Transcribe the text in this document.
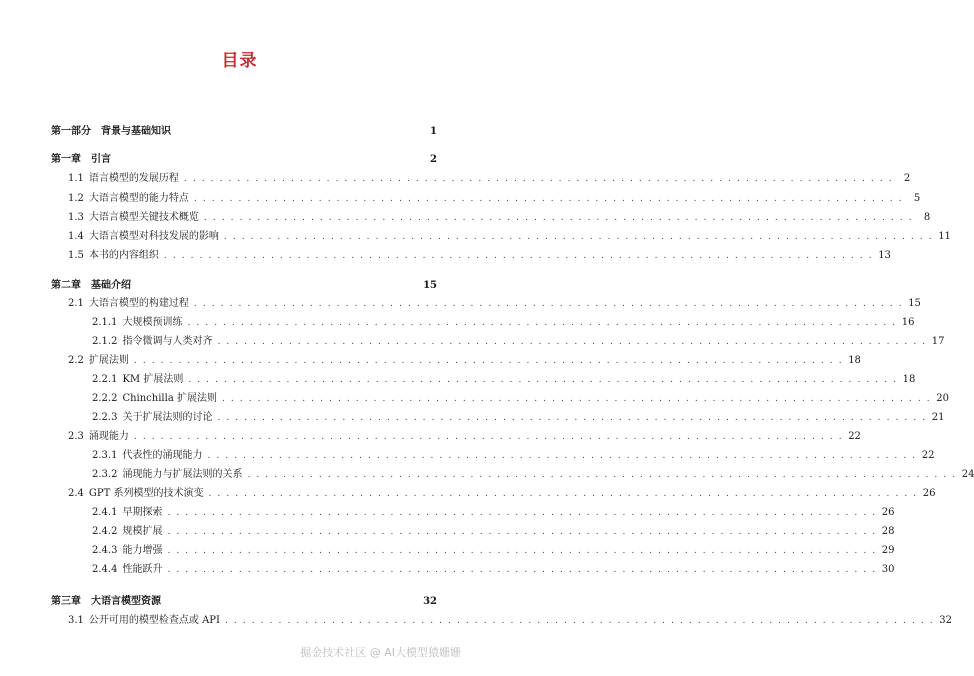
目录
第一部分 背景与基础知识	1
第一章 引言	2
1.1 语言模型的发展历程 . . . . . . . . . . . . . . . . . . . . . . . . . . . . . . . . . . . . . . . . . . . . . . . . . . . . . . . . . . . . . . . . . . . . . . . . . . . . . . . .	2
1.2 大语言模型的能力特点 . . . . . . . . . . . . . . . . . . . . . . . . . . . . . . . . . . . . . . . . . . . . . . . . . . . . . . . . . . . . . . . . . . . . . . . . . . . . . . . .	5
1.3 大语言模型关键技术概览 . . . . . . . . . . . . . . . . . . . . . . . . . . . . . . . . . . . . . . . . . . . . . . . . . . . . . . . . . . . . . . . . . . . . . . . . . . . . . . . .	8
1.4 大语言模型对科技发展的影响 . . . . . . . . . . . . . . . . . . . . . . . . . . . . . . . . . . . . . . . . . . . . . . . . . . . . . . . . . . . . . . . . . . . . . . . . . . . . . . . . 11
1.5 本书的内容组织 . . . . . . . . . . . . . . . . . . . . . . . . . . . . . . . . . . . . . . . . . . . . . . . . . . . . . . . . . . . . . . . . . . . . . . . . . . . . . . . . 13
第二章 基础介绍	15
2.1 大语言模型的构建过程 . . . . . . . . . . . . . . . . . . . . . . . . . . . . . . . . . . . . . . . . . . . . . . . . . . . . . . . . . . . . . . . . . . . . . . . . . . . . . . . . 15
2.1.1 大规模预训练 . . . . . . . . . . . . . . . . . . . . . . . . . . . . . . . . . . . . . . . . . . . . . . . . . . . . . . . . . . . . . . . . . . . . . . . . . . . . . . . . 16
2.1.2 指令微调与人类对齐 . . . . . . . . . . . . . . . . . . . . . . . . . . . . . . . . . . . . . . . . . . . . . . . . . . . . . . . . . . . . . . . . . . . . . . . . . . . . . . . . 17
2.2 扩展法则 . . . . . . . . . . . . . . . . . . . . . . . . . . . . . . . . . . . . . . . . . . . . . . . . . . . . . . . . . . . . . . . . . . . . . . . . . . . . . . . . 18
2.2.1 KM 扩展法则 . . . . . . . . . . . . . . . . . . . . . . . . . . . . . . . . . . . . . . . . . . . . . . . . . . . . . . . . . . . . . . . . . . . . . . . . . . . . . . . . 18
2.2.2 Chinchilla 扩展法则 . . . . . . . . . . . . . . . . . . . . . . . . . . . . . . . . . . . . . . . . . . . . . . . . . . . . . . . . . . . . . . . . . . . . . . . . . . . . . . . . 20
2.2.3 关于扩展法则的讨论 . . . . . . . . . . . . . . . . . . . . . . . . . . . . . . . . . . . . . . . . . . . . . . . . . . . . . . . . . . . . . . . . . . . . . . . . . . . . . . . . 21
2.3 涌现能力 . . . . . . . . . . . . . . . . . . . . . . . . . . . . . . . . . . . . . . . . . . . . . . . . . . . . . . . . . . . . . . . . . . . . . . . . . . . . . . . . 22
2.3.1 代表性的涌现能力 . . . . . . . . . . . . . . . . . . . . . . . . . . . . . . . . . . . . . . . . . . . . . . . . . . . . . . . . . . . . . . . . . . . . . . . . . . . . . . . . 22
2.3.2 涌现能力与扩展法则的关系 . . . . . . . . . . . . . . . . . . . . . . . . . . . . . . . . . . . . . . . . . . . . . . . . . . . . . . . . . . . . . . . . . . . . . . . . . . . . . . . . 24
2.4 GPT 系列模型的技术演变 . . . . . . . . . . . . . . . . . . . . . . . . . . . . . . . . . . . . . . . . . . . . . . . . . . . . . . . . . . . . . . . . . . . . . . . . . . . . . . . . 26
2.4.1 早期探索 . . . . . . . . . . . . . . . . . . . . . . . . . . . . . . . . . . . . . . . . . . . . . . . . . . . . . . . . . . . . . . . . . . . . . . . . . . . . . . . . 26
2.4.2 规模扩展 . . . . . . . . . . . . . . . . . . . . . . . . . . . . . . . . . . . . . . . . . . . . . . . . . . . . . . . . . . . . . . . . . . . . . . . . . . . . . . . . 28
2.4.3 能力增强 . . . . . . . . . . . . . . . . . . . . . . . . . . . . . . . . . . . . . . . . . . . . . . . . . . . . . . . . . . . . . . . . . . . . . . . . . . . . . . . . 29
2.4.4 性能跃升 . . . . . . . . . . . . . . . . . . . . . . . . . . . . . . . . . . . . . . . . . . . . . . . . . . . . . . . . . . . . . . . . . . . . . . . . . . . . . . . . 30
第三章 大语言模型资源	32
3.1 公开可用的模型检查点或 API . . . . . . . . . . . . . . . . . . . . . . . . . . . . . . . . . . . . . . . . . . . . . . . . . . . . . . . . . . . . . . . . . . . . . . . . . . . . . . . . 32
掘金技术社区 @ AI大模型猿姗姗
